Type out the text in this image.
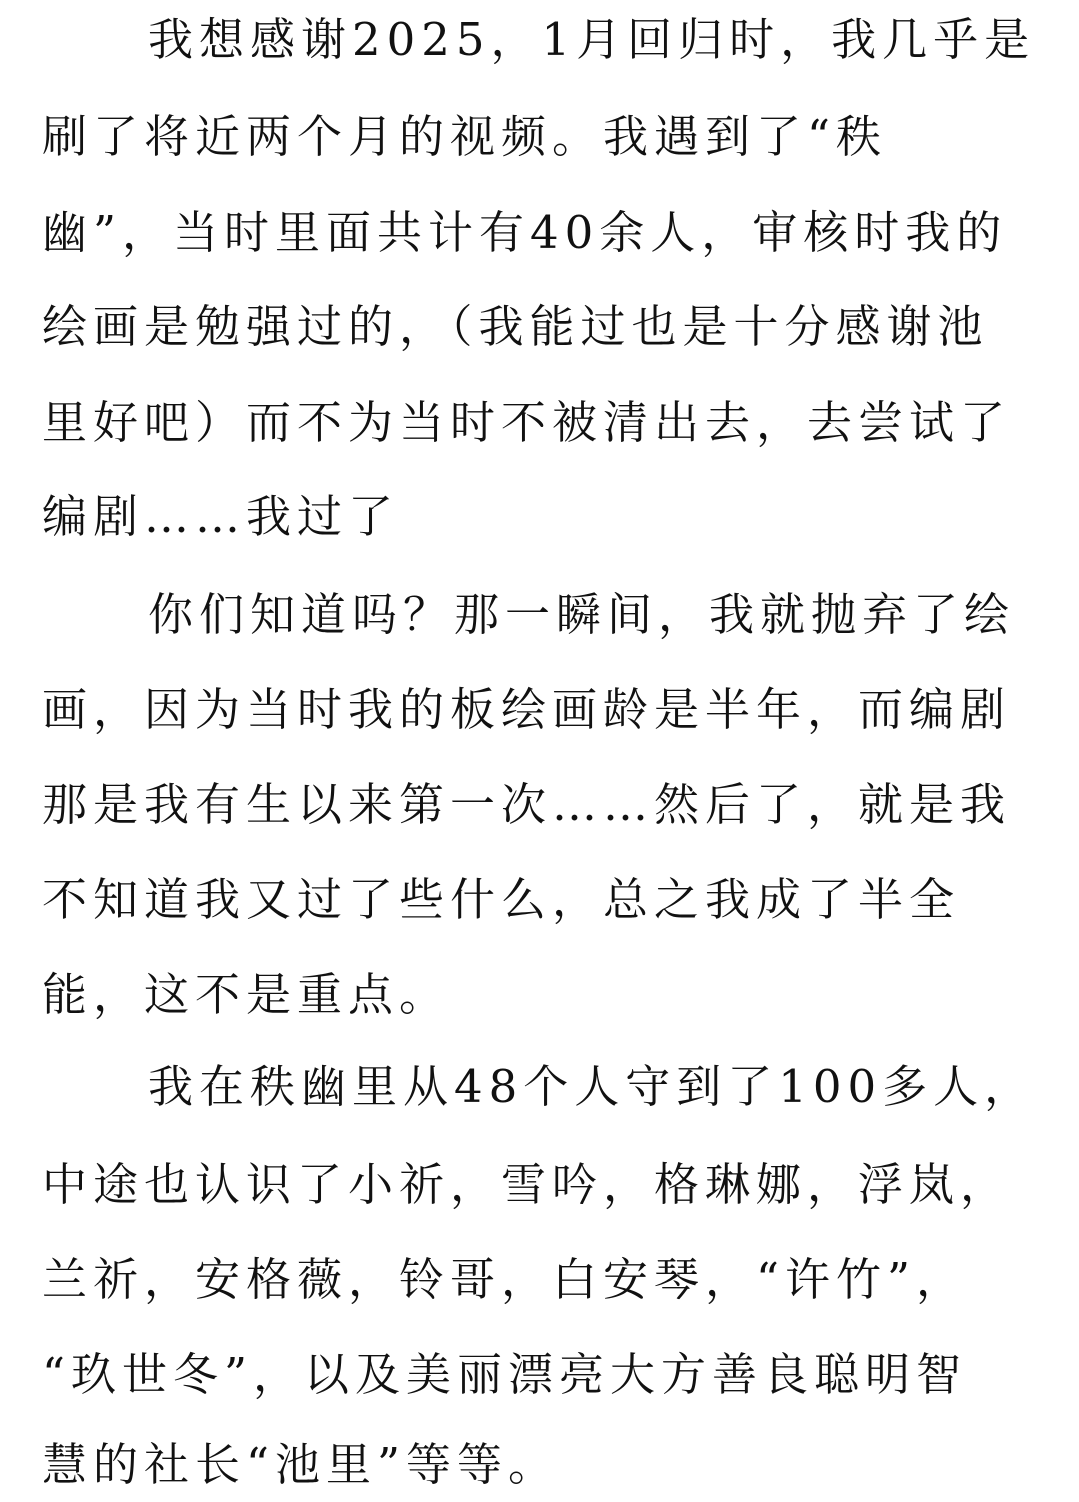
我想感谢2025，1月回归时，我几乎是
刷了将近两个月的视频。我遇到了“秩
幽”，当时里面共计有40余人，审核时我的
绘画是勉强过的，（我能过也是十分感谢池
里好吧）而不为当时不被清出去，去尝试了
编剧……我过了
你们知道吗？那一瞬间，我就抛弃了绘
画，因为当时我的板绘画龄是半年，而编剧
那是我有生以来第一次……然后了，就是我
不知道我又过了些什么，总之我成了半全
能，这不是重点。
我在秩幽里从48个人守到了100多人，
中途也认识了小祈，雪吟，格琳娜，浮岚，
兰祈，安格薇，铃哥，白安琴，“许竹”，
“玖世冬”，以及美丽漂亮大方善良聪明智
慧的社长“池里”等等。
